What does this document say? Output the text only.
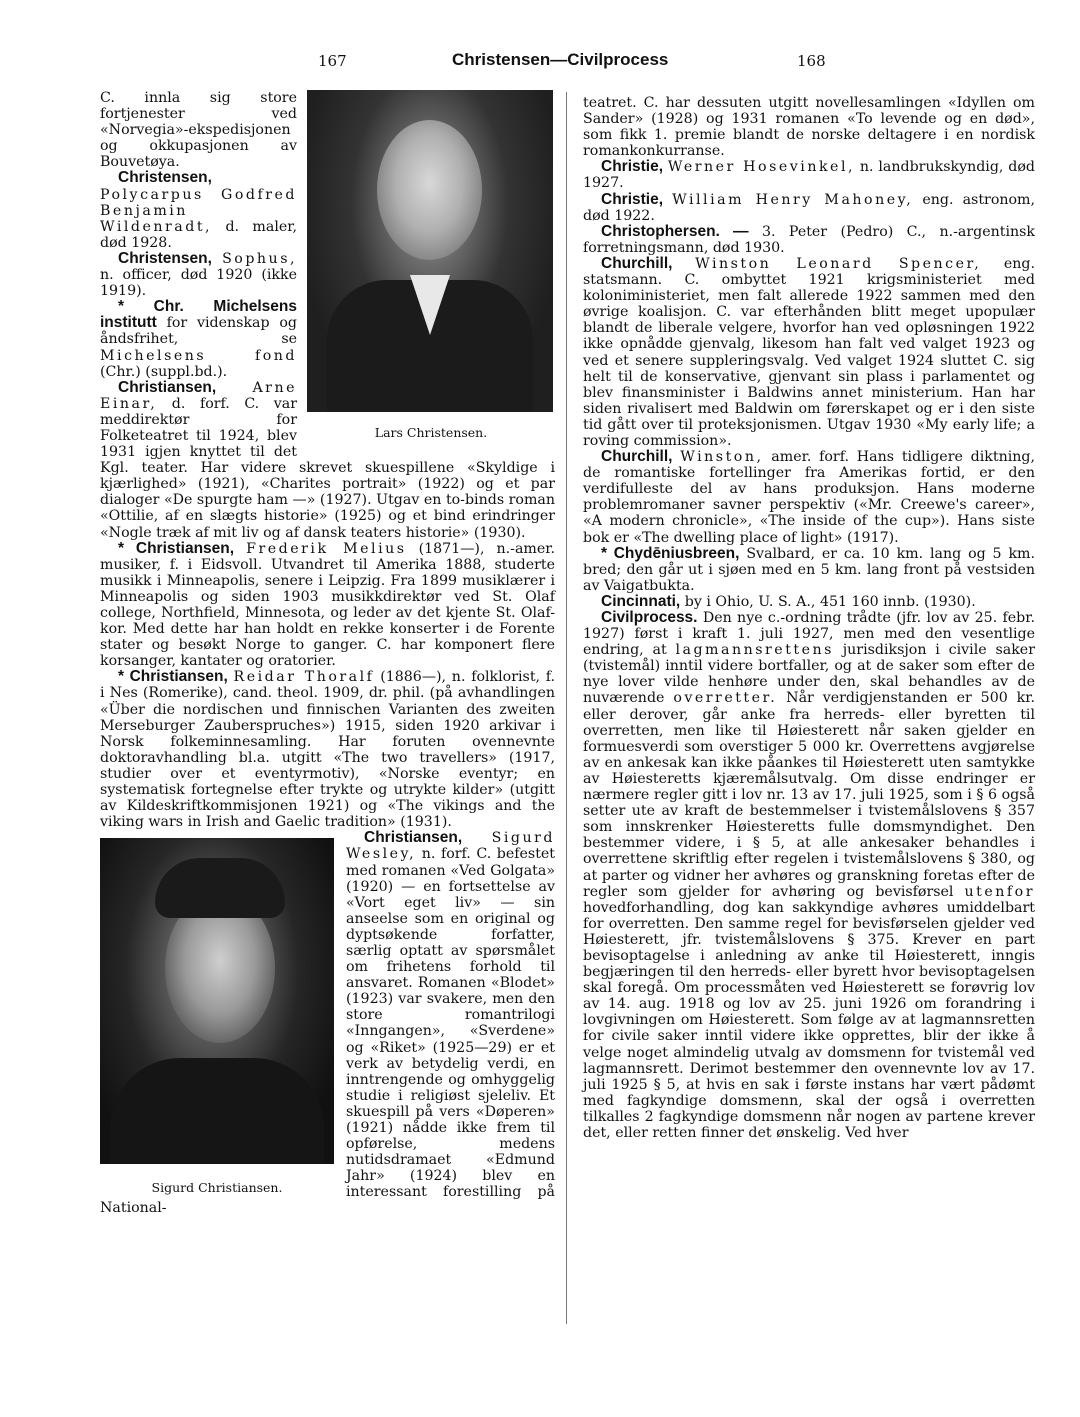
167	Christensen—Civilprocess	168
Lars Christensen.

C. innla sig store fortjenester ved «Norvegia»-ekspedisjonen og okkupasjonen av Bouvetøya.

Christensen, Polycarpus Godfred Benjamin Wildenradt, d. maler, død 1928.

Christensen, Sophus, n. officer, død 1920 (ikke 1919).

* Chr. Michelsens institutt for videnskap og åndsfrihet, se Michelsens fond (Chr.) (suppl.bd.).

Christiansen,	Arne Einar, d. forf. C. var meddirektør for Folketeatret til 1924, blev 1931 igjen knyttet til det Kgl. teater. Har videre skrevet skuespillene «Skyldige i kjærlighed» (1921), «Charites portrait» (1922) og et par dialoger «De spurgte ham —» (1927). Utgav en to-binds roman «Ottilie, af en slægts historie» (1925) og et bind erindringer «Nogle træk af mit liv og af dansk teaters historie» (1930).

* Christiansen, Frederik Melius (1871—), n.-amer. musiker, f. i Eidsvoll. Utvandret til Amerika 1888, studerte musikk i Minneapolis, senere i Leipzig. Fra 1899 musiklærer i Minneapolis og siden 1903 musikkdirektør ved St. Olaf college, Northfield, Minnesota, og leder av det kjente St. Olaf-kor. Med dette har han holdt en rekke konserter i de Forente stater og besøkt Norge to ganger. C. har komponert flere korsanger, kantater og oratorier.

* Christiansen, Reidar Thoralf (1886—), n. folklorist, f. i Nes (Romerike), cand. theol. 1909, dr. phil. (på avhandlingen «Über die nordischen und finnischen Varianten des zweiten Merseburger Zauberspruches») 1915, siden 1920 arkivar i Norsk folkeminnesamling. Har foruten ovennevnte doktoravhandling bl.a. utgitt «The two travellers» (1917, studier over et eventyrmotiv), «Norske eventyr; en systematisk fortegnelse efter trykte og utrykte kilder» (utgitt av Kildeskriftkommisjonen 1921) og «The vikings and the viking wars in Irish and Gaelic tradition» (1931).

Sigurd Christiansen.

Christiansen, Sigurd Wesley, n. forf. C. befestet med romanen «Ved Golgata» (1920) — en fortsettelse av «Vort eget liv» — sin anseelse som en original og dyptsøkende forfatter, særlig optatt av spørsmålet om frihetens forhold til ansvaret. Romanen «Blodet» (1923) var svakere, men den store romantrilogi «Inngangen», «Sverdene» og «Riket» (1925—29) er et verk av betydelig verdi, en inntrengende og omhyggelig studie i religiøst sjeleliv. Et skuespill på vers «Døperen» (1921) nådde ikke frem til opførelse, medens nutidsdramaet «Edmund Jahr» (1924) blev en interessant forestilling på National-

teatret. C. har dessuten utgitt novellesamlingen «Idyllen om Sander» (1928) og 1931 romanen «To levende og en død», som fikk 1. premie blandt de norske deltagere i en nordisk romankonkurranse.

Christie, Werner Hosevinkel, n. landbrukskyndig, død 1927.

Christie, William Henry Mahoney, eng. astronom, død 1922.

Christophersen. — 3. Peter (Pedro) C., n.-argentinsk forretningsmann, død 1930.

Churchill, Winston Leonard Spencer, eng. statsmann. C. ombyttet 1921 krigsministeriet med koloniministeriet, men falt allerede 1922 sammen med den øvrige koalisjon. C. var efterhånden blitt meget upopulær blandt de liberale velgere, hvorfor han ved opløsningen 1922 ikke opnådde gjenvalg, likesom han falt ved valget 1923 og ved et senere suppleringsvalg. Ved valget 1924 sluttet C. sig helt til de konservative, gjenvant sin plass i parlamentet og blev finansminister i Baldwins annet ministerium. Han har siden rivalisert med Baldwin om førerskapet og er i den siste tid gått over til proteksjonismen. Utgav 1930 «My early life; a roving commission».

Churchill, Winston, amer. forf. Hans tidligere diktning, de romantiske fortellinger fra Amerikas fortid, er den verdifulleste del av hans produksjon. Hans moderne problemromaner savner perspektiv («Mr. Creewe's career», «A modern chronicle», «The inside of the cup»). Hans siste bok er «The dwelling place of light» (1917).

* Chydēniusbreen, Svalbard, er ca. 10 km. lang og 5 km. bred; den går ut i sjøen med en 5 km. lang front på vestsiden av Vaigatbukta.

Cincinnati, by i Ohio, U. S. A., 451 160 innb. (1930).

Civilprocess. Den nye c.-ordning trådte (jfr. lov av 25. febr. 1927) først i kraft 1. juli 1927, men med den vesentlige endring, at lagmannsrettens jurisdiksjon i civile saker (tvistemål) inntil videre bortfaller, og at de saker som efter de nye lover vilde henhøre under den, skal behandles av de nuværende overretter. Når verdigjenstanden er 500 kr. eller derover, går anke fra herreds- eller byretten til overretten, men like til Høiesterett når saken gjelder en formuesverdi som overstiger 5 000 kr. Overrettens avgjørelse av en ankesak kan ikke påankes til Høiesterett uten samtykke av Høiesteretts kjæremålsutvalg. Om disse endringer er nærmere regler gitt i lov nr. 13 av 17. juli 1925, som i § 6 også setter ute av kraft de bestemmelser i tvistemålslovens § 357 som innskrenker Høiesteretts fulle domsmyndighet. Den bestemmer videre, i § 5, at alle ankesaker behandles i overrettene skriftlig efter regelen i tvistemålslovens § 380, og at parter og vidner her avhøres og granskning foretas efter de regler som gjelder for avhøring og bevisførsel utenfor hovedforhandling, dog kan sakkyndige avhøres umiddelbart for overretten. Den samme regel for bevisførselen gjelder ved Høiesterett, jfr. tvistemålslovens § 375. Krever en part bevisoptagelse i anledning av anke til Høiesterett, inngis begjæringen til den herreds- eller byrett hvor bevisoptagelsen skal foregå. Om processmåten ved Høiesterett se forøvrig lov av 14. aug. 1918 og lov av 25. juni 1926 om forandring i lovgivningen om Høiesterett. Som følge av at lagmannsretten for civile saker inntil videre ikke opprettes, blir der ikke å velge noget almindelig utvalg av domsmenn for tvistemål ved lagmannsrett. Derimot bestemmer den ovennevnte lov av 17. juli 1925 § 5, at hvis en sak i første instans har vært pådømt med fagkyndige domsmenn, skal der også i overretten tilkalles 2 fagkyndige domsmenn når nogen av partene krever det, eller retten finner det ønskelig. Ved hver
